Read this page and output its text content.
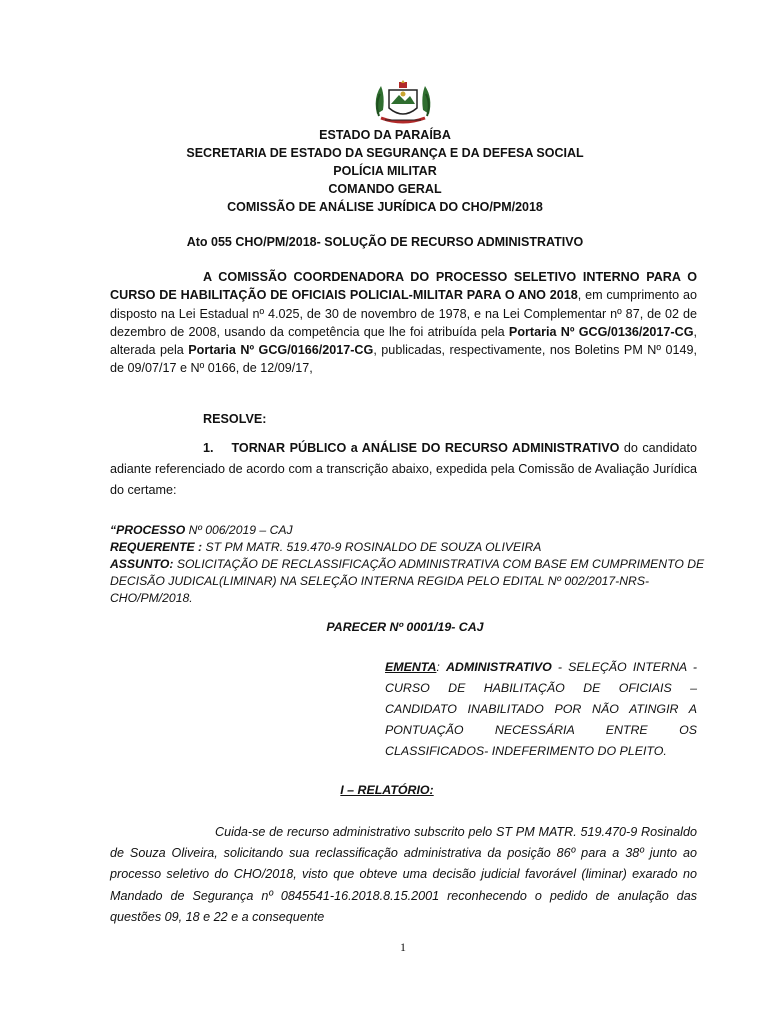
ESTADO DA PARAÍBA
SECRETARIA DE ESTADO DA SEGURANÇA E DA DEFESA SOCIAL
POLÍCIA MILITAR
COMANDO GERAL
COMISSÃO DE ANÁLISE JURÍDICA DO CHO/PM/2018
Ato 055 CHO/PM/2018- SOLUÇÃO DE RECURSO ADMINISTRATIVO
A COMISSÃO COORDENADORA DO PROCESSO SELETIVO INTERNO PARA O CURSO DE HABILITAÇÃO DE OFICIAIS POLICIAL-MILITAR PARA O ANO 2018, em cumprimento ao disposto na Lei Estadual nº 4.025, de 30 de novembro de 1978, e na Lei Complementar nº 87, de 02 de dezembro de 2008, usando da competência que lhe foi atribuída pela Portaria Nº GCG/0136/2017-CG, alterada pela Portaria Nº GCG/0166/2017-CG, publicadas, respectivamente, nos Boletins PM Nº 0149, de 09/07/17 e Nº 0166, de 12/09/17,
RESOLVE:
1.    TORNAR PÚBLICO a ANÁLISE DO RECURSO ADMINISTRATIVO do candidato adiante referenciado de acordo com a transcrição abaixo, expedida pela Comissão de Avaliação Jurídica do certame:
“PROCESSO Nº 006/2019 – CAJ
REQUERENTE : ST PM MATR. 519.470-9 ROSINALDO DE SOUZA OLIVEIRA
ASSUNTO: SOLICITAÇÃO DE RECLASSIFICAÇÃO ADMINISTRATIVA COM BASE EM CUMPRIMENTO DE DECISÃO JUDICAL(LIMINAR) NA SELEÇÃO INTERNA REGIDA PELO EDITAL Nº 002/2017-NRS-CHO/PM/2018.
PARECER Nº 0001/19- CAJ
EMENTA: ADMINISTRATIVO - SELEÇÃO INTERNA - CURSO DE HABILITAÇÃO DE OFICIAIS – CANDIDATO INABILITADO POR NÃO ATINGIR A PONTUAÇÃO NECESSÁRIA ENTRE OS CLASSIFICADOS- INDEFERIMENTO DO PLEITO.
I – RELATÓRIO:
Cuida-se de recurso administrativo subscrito pelo ST PM MATR. 519.470-9 Rosinaldo de Souza Oliveira, solicitando sua reclassificação administrativa da posição 86º para a 38º junto ao processo seletivo do CHO/2018, visto que obteve uma decisão judicial favorável (liminar) exarado no Mandado de Segurança nº 0845541-16.2018.8.15.2001 reconhecendo o pedido de anulação das questões 09, 18 e 22 e a consequente
1
